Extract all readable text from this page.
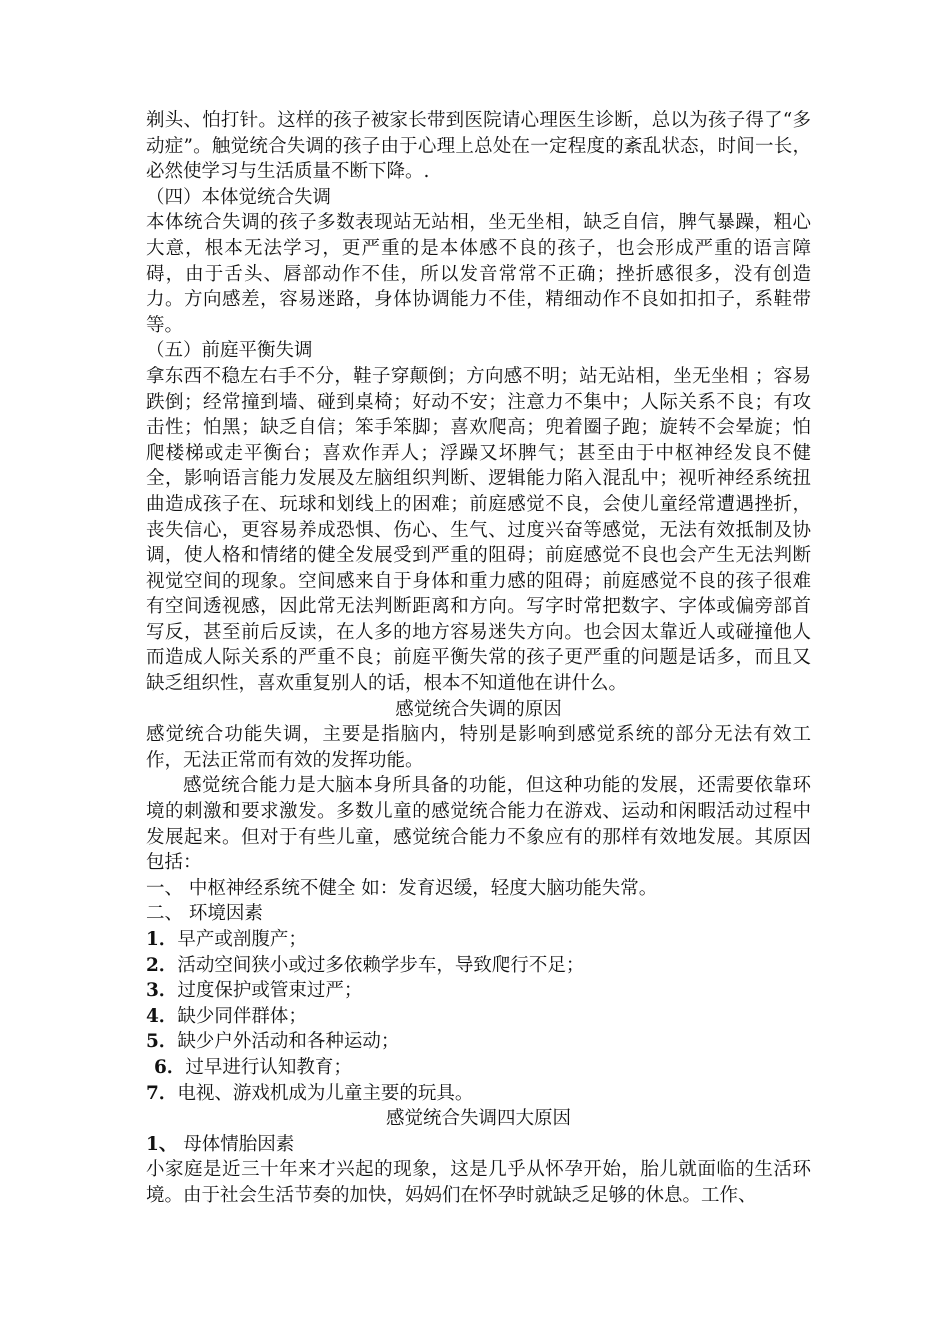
剃头、怕打针。这样的孩子被家长带到医院请心理医生诊断，总以为孩子得了“多动症”。触觉统合失调的孩子由于心理上总处在一定程度的紊乱状态，时间一长，必然使学习与生活质量不断下降。.

（四）本体觉统合失调

本体统合失调的孩子多数表现站无站相，坐无坐相，缺乏自信，脾气暴躁，粗心大意，根本无法学习，更严重的是本体感不良的孩子，也会形成严重的语言障碍，由于舌头、唇部动作不佳，所以发音常常不正确；挫折感很多，没有创造力。方向感差，容易迷路，身体协调能力不佳，精细动作不良如扣扣子，系鞋带等。

（五）前庭平衡失调

拿东西不稳左右手不分，鞋子穿颠倒；方向感不明；站无站相，坐无坐相 ；容易跌倒；经常撞到墙、碰到桌椅；好动不安；注意力不集中；人际关系不良；有攻击性；怕黑；缺乏自信；笨手笨脚；喜欢爬高；兜着圈子跑；旋转不会晕旋；怕爬楼梯或走平衡台；喜欢作弄人；浮躁又坏脾气；甚至由于中枢神经发良不健全，影响语言能力发展及左脑组织判断、逻辑能力陷入混乱中；视听神经系统扭曲造成孩子在、玩球和划线上的困难；前庭感觉不良，会使儿童经常遭遇挫折，丧失信心，更容易养成恐惧、伤心、生气、过度兴奋等感觉，无法有效抵制及协调，使人格和情绪的健全发展受到严重的阻碍；前庭感觉不良也会产生无法判断视觉空间的现象。空间感来自于身体和重力感的阻碍；前庭感觉不良的孩子很难有空间透视感，因此常无法判断距离和方向。写字时常把数字、字体或偏旁部首写反，甚至前后反读，在人多的地方容易迷失方向。也会因太靠近人或碰撞他人而造成人际关系的严重不良；前庭平衡失常的孩子更严重的问题是话多，而且又缺乏组织性，喜欢重复别人的话，根本不知道他在讲什么。

感觉统合失调的原因

感觉统合功能失调，主要是指脑内，特别是影响到感觉系统的部分无法有效工作，无法正常而有效的发挥功能。

感觉统合能力是大脑本身所具备的功能，但这种功能的发展，还需要依靠环境的刺激和要求激发。多数儿童的感觉统合能力在游戏、运动和闲暇活动过程中发展起来。但对于有些儿童，感觉统合能力不象应有的那样有效地发展。其原因包括：

一、 中枢神经系统不健全 如：发育迟缓，轻度大脑功能失常。

二、 环境因素

1．早产或剖腹产；
2．活动空间狭小或过多依赖学步车，导致爬行不足；
3．过度保护或管束过严；
4．缺少同伴群体；
5．缺少户外活动和各种运动；
6．过早进行认知教育；
7．电视、游戏机成为儿童主要的玩具。

感觉统合失调四大原因

1、 母体情胎因素

小家庭是近三十年来才兴起的现象，这是几乎从怀孕开始，胎儿就面临的生活环境。由于社会生活节奏的加快，妈妈们在怀孕时就缺乏足够的休息。工作、
